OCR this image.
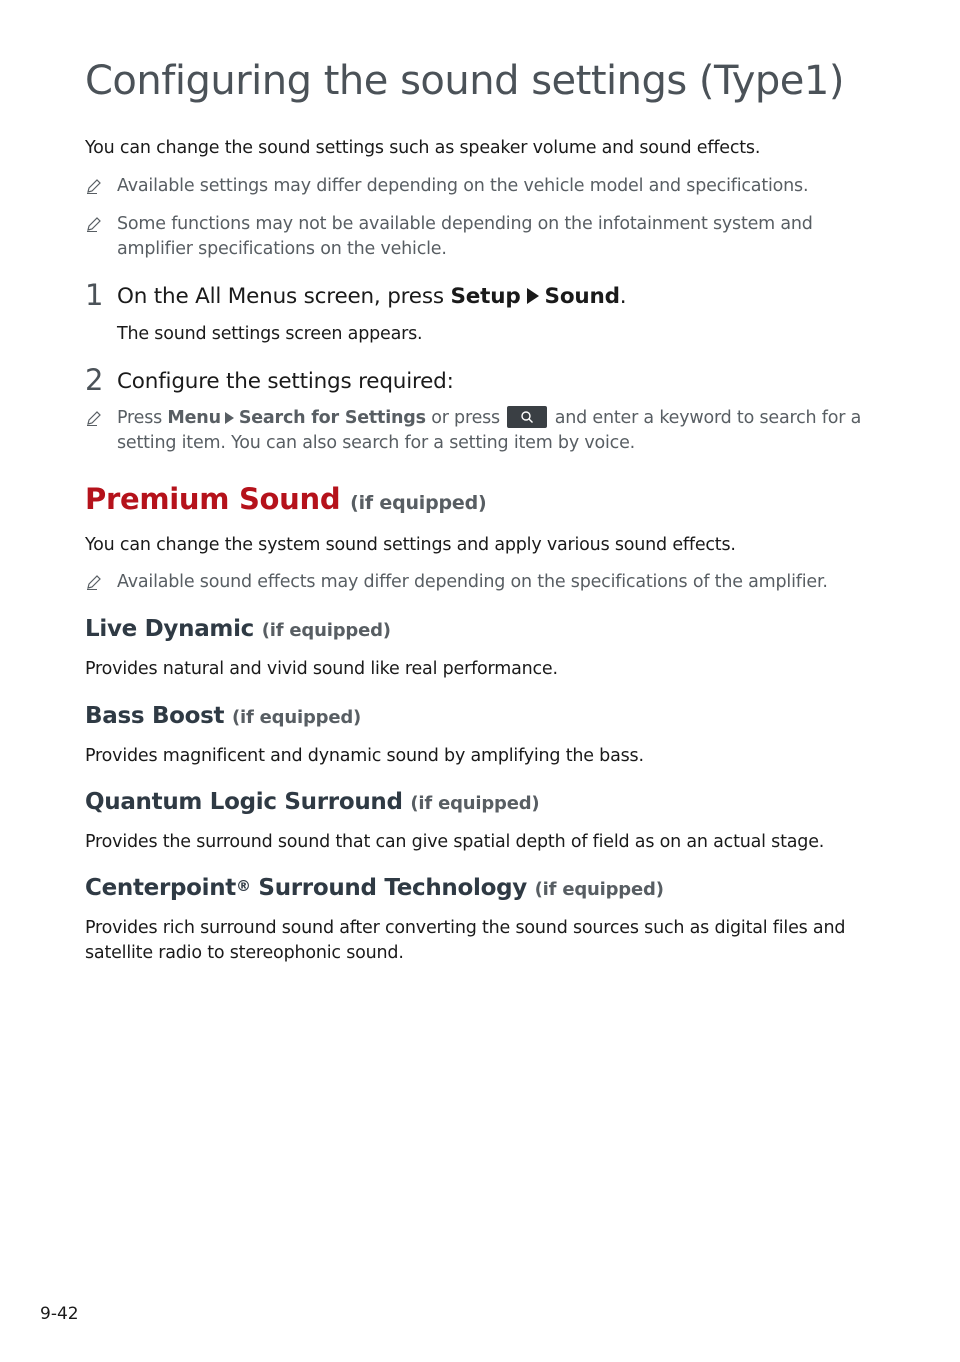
Configuring the sound settings (Type1)

You can change the sound settings such as speaker volume and sound effects.

Available settings may differ depending on the vehicle model and specifications.
Some functions may not be available depending on the infotainment system and amplifier specifications on the vehicle.
1 On the All Menus screen, press Setup Sound.
The sound settings screen appears.
2 Configure the settings required:
Press Menu Search for Settings or press	and enter a keyword to search for a setting item. You can also search for a setting item by voice.
Premium Sound (if equipped)

You can change the system sound settings and apply various sound effects.

Available sound effects may differ depending on the specifications of the amplifier.
Live Dynamic (if equipped)

Provides natural and vivid sound like real performance.

Bass Boost (if equipped)

Provides magnificent and dynamic sound by amplifying the bass.

Quantum Logic Surround (if equipped)

Provides the surround sound that can give spatial depth of field as on an actual stage.

Centerpoint® Surround Technology (if equipped)

Provides rich surround sound after converting the sound sources such as digital files and satellite radio to stereophonic sound.

9-42
